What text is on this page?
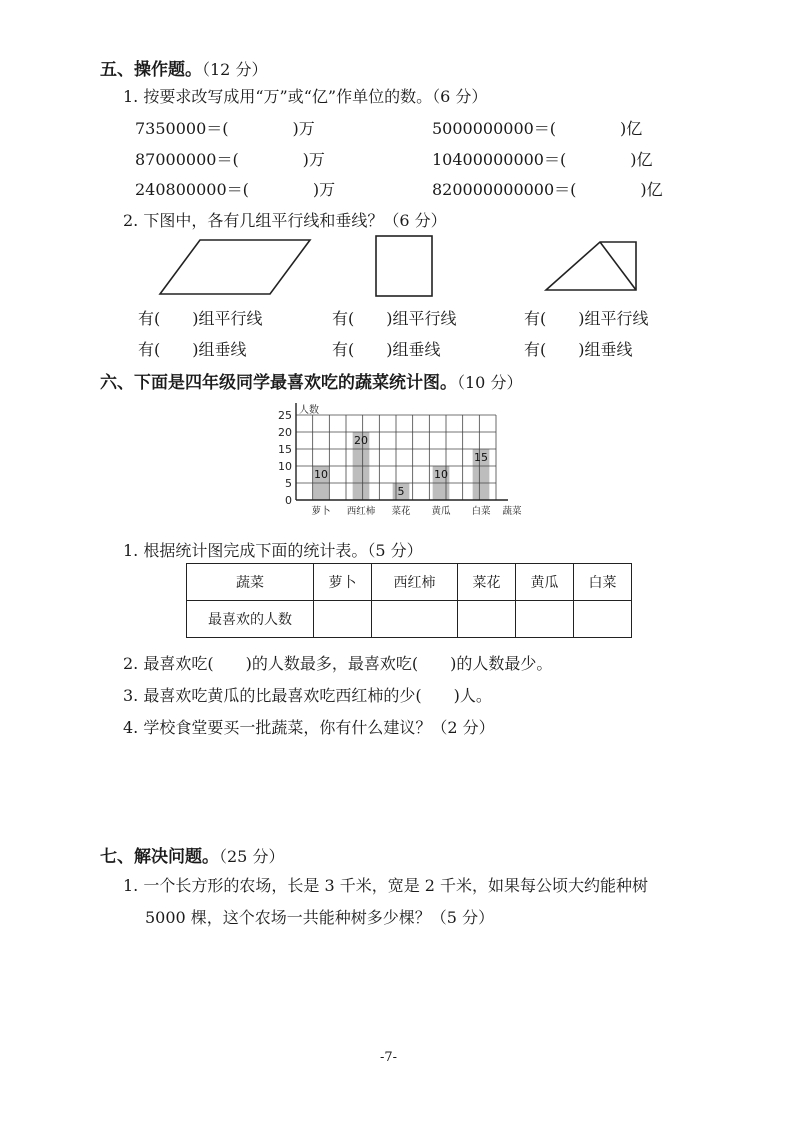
五、操作题。（12 分）
1. 按要求改写成用“万”或“亿”作单位的数。（6 分）
7350000＝(　　　　)万	5000000000＝(　　　　)亿
87000000＝(　　　　)万	10400000000＝(　　　　)亿
240800000＝(　　　　)万	820000000000＝(　　　　)亿
2. 下图中，各有几组平行线和垂线？（6 分）
有(　　)组平行线	有(　　)组平行线	有(　　)组平行线
有(　　)组垂线	有(　　)组垂线	有(　　)组垂线
六、下面是四年级同学最喜欢吃的蔬菜统计图。（10 分）
0
5
10
15
20
25 人数
10
20
5
10
15
萝卜 西红柿 菜花 黄瓜 白菜 蔬菜
1. 根据统计图完成下面的统计表。（5 分）
蔬菜	萝卜	西红柿	菜花	黄瓜	白菜
最喜欢的人数					
2. 最喜欢吃(　　)的人数最多，最喜欢吃(　　)的人数最少。
3. 最喜欢吃黄瓜的比最喜欢吃西红柿的少(　　)人。
4. 学校食堂要买一批蔬菜，你有什么建议？（2 分）
七、解决问题。（25 分）
1. 一个长方形的农场，长是 3 千米，宽是 2 千米，如果每公顷大约能种树
5000 棵，这个农场一共能种树多少棵？（5 分）
-7-
